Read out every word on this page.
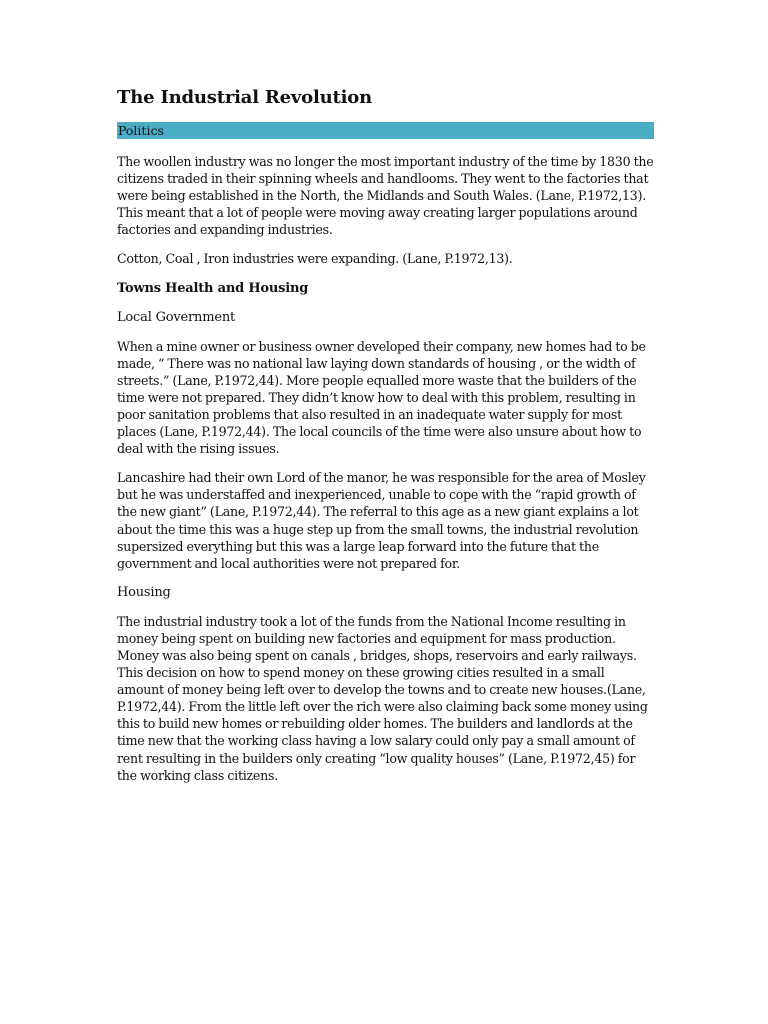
The Industrial Revolution
Politics

The woollen industry was no longer the most important industry of the time by 1830 the citizens traded in their spinning wheels and handlooms. They went to the factories that were being established in the North, the Midlands and South Wales. (Lane, P.1972,13). This meant that a lot of people were moving away creating larger populations around factories and expanding industries.

Cotton, Coal , Iron industries were expanding. (Lane, P.1972,13).

Towns Health and Housing
Local Government

When a mine owner or business owner developed their company, new homes had to be made, “ There was no national law laying down standards of housing , or the width of streets.” (Lane, P.1972,44). More people equalled more waste that the builders of the time were not prepared. They didn’t know how to deal with this problem, resulting in poor sanitation problems that also resulted in an inadequate water supply for most places (Lane, P.1972,44). The local councils of the time were also unsure about how to deal with the rising issues.

Lancashire had their own Lord of the manor, he was responsible for the area of Mosley but he was understaffed and inexperienced, unable to cope with the “rapid growth of the new giant” (Lane, P.1972,44). The referral to this age as a new giant explains a lot about the time this was a huge step up from the small towns, the industrial revolution supersized everything but this was a large leap forward into the future that the government and local authorities were not prepared for.

Housing

The industrial industry took a lot of the funds from the National Income resulting in money being spent on building new factories and equipment for mass production. Money was also being spent on canals , bridges, shops, reservoirs and early railways. This decision on how to spend money on these growing cities resulted in a small amount of money being left over to develop the towns and to create new houses.(Lane, P.1972,44). From the little left over the rich were also claiming back some money using this to build new homes or rebuilding older homes. The builders and landlords at the time new that the working class having a low salary could only pay a small amount of rent resulting in the builders only creating “low quality houses” (Lane, P.1972,45) for the working class citizens.
